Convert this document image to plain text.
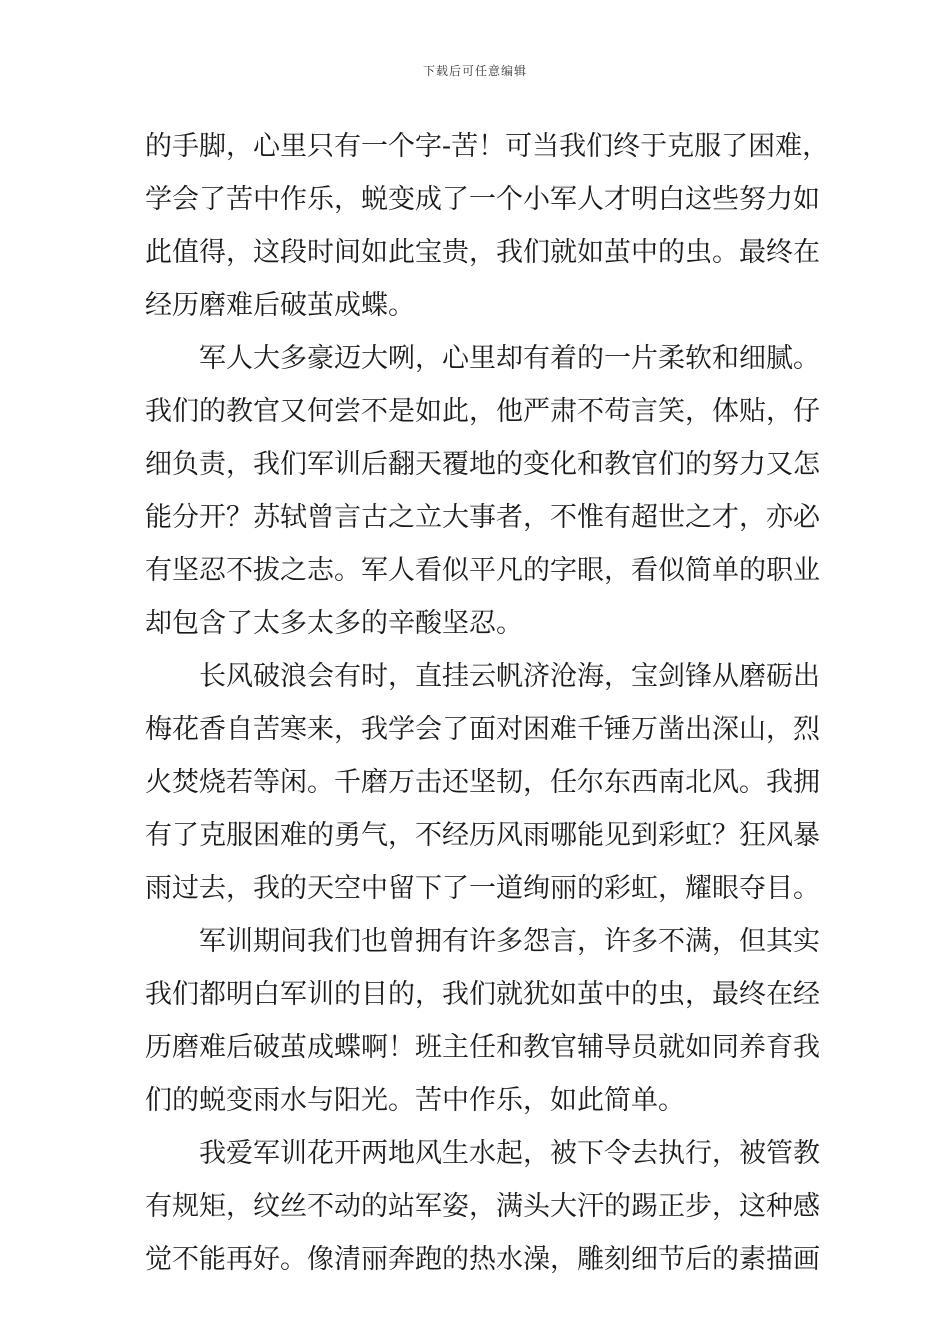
下载后可任意编辑
的手脚，心里只有一个字-苦！可当我们终于克服了困难，
学会了苦中作乐，蜕变成了一个小军人才明白这些努力如
此值得，这段时间如此宝贵，我们就如茧中的虫。最终在
经历磨难后破茧成蝶。
军人大多豪迈大咧，心里却有着的一片柔软和细腻。
我们的教官又何尝不是如此，他严肃不苟言笑，体贴，仔
细负责，我们军训后翻天覆地的变化和教官们的努力又怎
能分开？苏轼曾言古之立大事者，不惟有超世之才，亦必
有坚忍不拔之志。军人看似平凡的字眼，看似简单的职业
却包含了太多太多的辛酸坚忍。
长风破浪会有时，直挂云帆济沧海，宝剑锋从磨砺出
梅花香自苦寒来，我学会了面对困难千锤万凿出深山，烈
火焚烧若等闲。千磨万击还坚韧，任尔东西南北风。我拥
有了克服困难的勇气，不经历风雨哪能见到彩虹？狂风暴
雨过去，我的天空中留下了一道绚丽的彩虹，耀眼夺目。
军训期间我们也曾拥有许多怨言，许多不满，但其实
我们都明白军训的目的，我们就犹如茧中的虫，最终在经
历磨难后破茧成蝶啊！班主任和教官辅导员就如同养育我
们的蜕变雨水与阳光。苦中作乐，如此简单。
我爱军训花开两地风生水起，被下令去执行，被管教
有规矩，纹丝不动的站军姿，满头大汗的踢正步，这种感
觉不能再好。像清丽奔跑的热水澡，雕刻细节后的素描画
